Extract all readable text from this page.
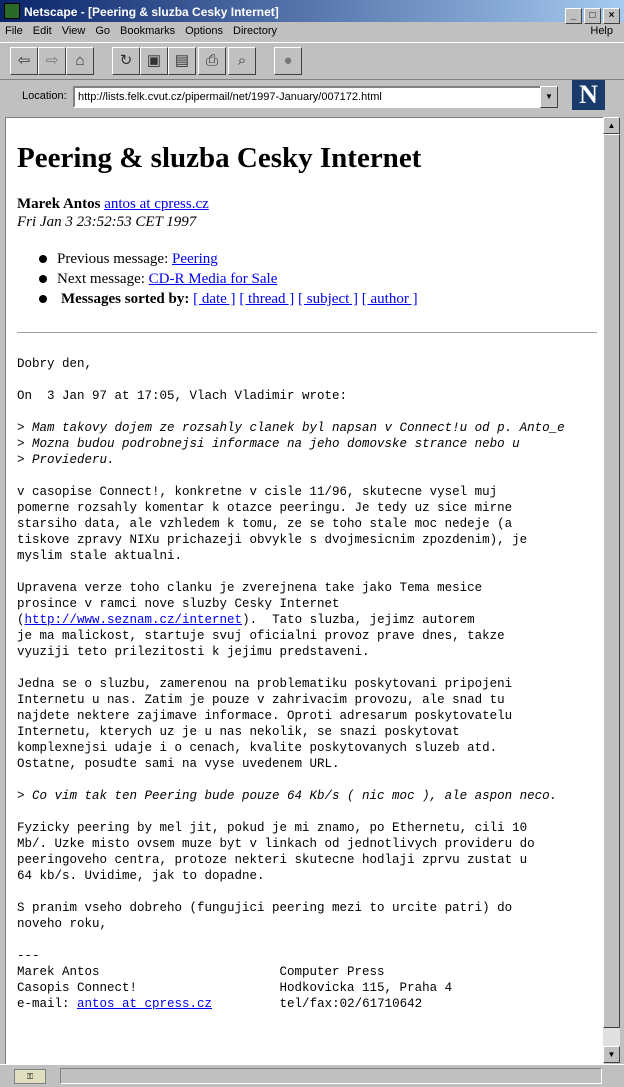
Netscape - [Peering & sluzba Cesky Internet]	_ □ ×
File Edit View Go Bookmarks Options Directory	Help
⇦	⇨	⌂	↻ ▣ ▤	⎙	⌕	●
Location:	http://lists.felk.cvut.cz/pipermail/net/1997-January/007172.html	▼ N
Peering & sluzba Cesky Internet
Marek Antos antos at cpress.cz
Fri Jan 3 23:52:53 CET 1997
Previous message: Peering
Next message: CD-R Media for Sale
Messages sorted by: [ date ] [ thread ] [ subject ] [ author ]
Dobry den,

On  3 Jan 97 at 17:05, Vlach Vladimir wrote:

> Mam takovy dojem ze rozsahly clanek byl napsan v Connect!u od p. Anto_e
> Mozna budou podrobnejsi informace na jeho domovske strance nebo u
> Proviederu.

v casopise Connect!, konkretne v cisle 11/96, skutecne vysel muj
pomerne rozsahly komentar k otazce peeringu. Je tedy uz sice mirne
starsiho data, ale vzhledem k tomu, ze se toho stale moc nedeje (a
tiskove zpravy NIXu prichazeji obvykle s dvojmesicnim zpozdenim), je
myslim stale aktualni.

Upravena verze toho clanku je zverejnena take jako Tema mesice
prosince v ramci nove sluzby Cesky Internet
(http://www.seznam.cz/internet).  Tato sluzba, jejimz autorem
je ma malickost, startuje svuj oficialni provoz prave dnes, takze
vyuziji teto prilezitosti k jejimu predstaveni.

Jedna se o sluzbu, zamerenou na problematiku poskytovani pripojeni
Internetu u nas. Zatim je pouze v zahrivacim provozu, ale snad tu
najdete nektere zajimave informace. Oproti adresarum poskytovatelu
Internetu, kterych uz je u nas nekolik, se snazi poskytovat
komplexnejsi udaje i o cenach, kvalite poskytovanych sluzeb atd.
Ostatne, posudte sami na vyse uvedenem URL.

> Co vim tak ten Peering bude pouze 64 Kb/s ( nic moc ), ale aspon neco.

Fyzicky peering by mel jit, pokud je mi znamo, po Ethernetu, cili 10
Mb/. Uzke misto ovsem muze byt v linkach od jednotlivych provideru do
peeringoveho centra, protoze nekteri skutecne hodlaji zprvu zustat u
64 kb/s. Uvidime, jak to dopadne.

S pranim vseho dobreho (fungujici peering mezi to urcite patri) do
noveho roku,

---
Marek Antos                        Computer Press
Casopis Connect!                   Hodkovicka 115, Praha 4
e-mail: antos at cpress.cz         tel/fax:02/61710642
▲
▼
⚿
